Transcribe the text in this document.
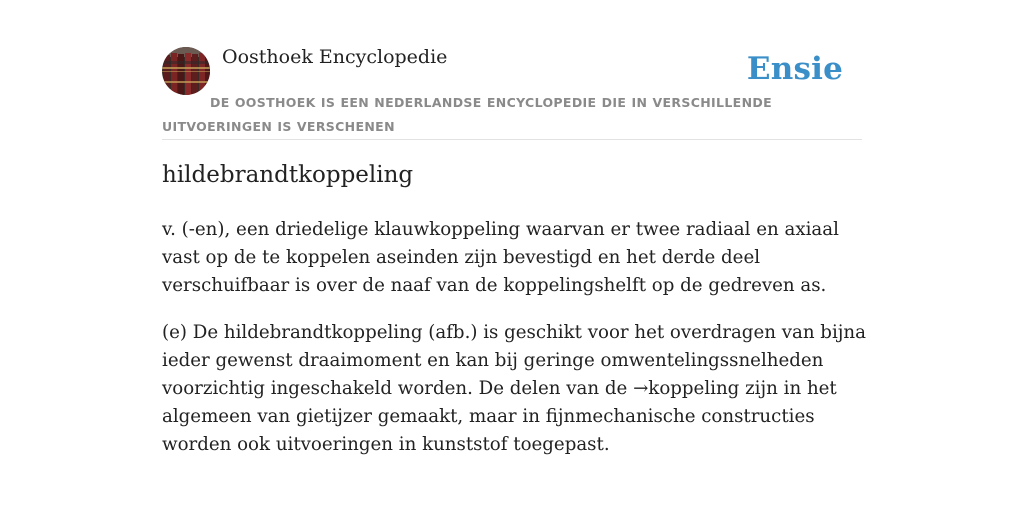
Oosthoek Encyclopedie	Ensie
DE OOSTHOEK IS EEN NEDERLANDSE ENCYCLOPEDIE DIE IN VERSCHILLENDE UITVOERINGEN IS VERSCHENEN
hildebrandtkoppeling

v. (-en), een driedelige klauwkoppeling waarvan er twee radiaal en axiaal vast op de te koppelen aseinden zijn bevestigd en het derde deel verschuifbaar is over de naaf van de koppelingshelft op de gedreven as.

(e) De hildebrandtkoppeling (afb.) is geschikt voor het overdragen van bijna ieder gewenst draaimoment en kan bij geringe omwentelingssnelheden voorzichtig ingeschakeld worden. De delen van de →koppeling zijn in het algemeen van gietijzer gemaakt, maar in fijnmechanische constructies worden ook uitvoeringen in kunststof toegepast.
